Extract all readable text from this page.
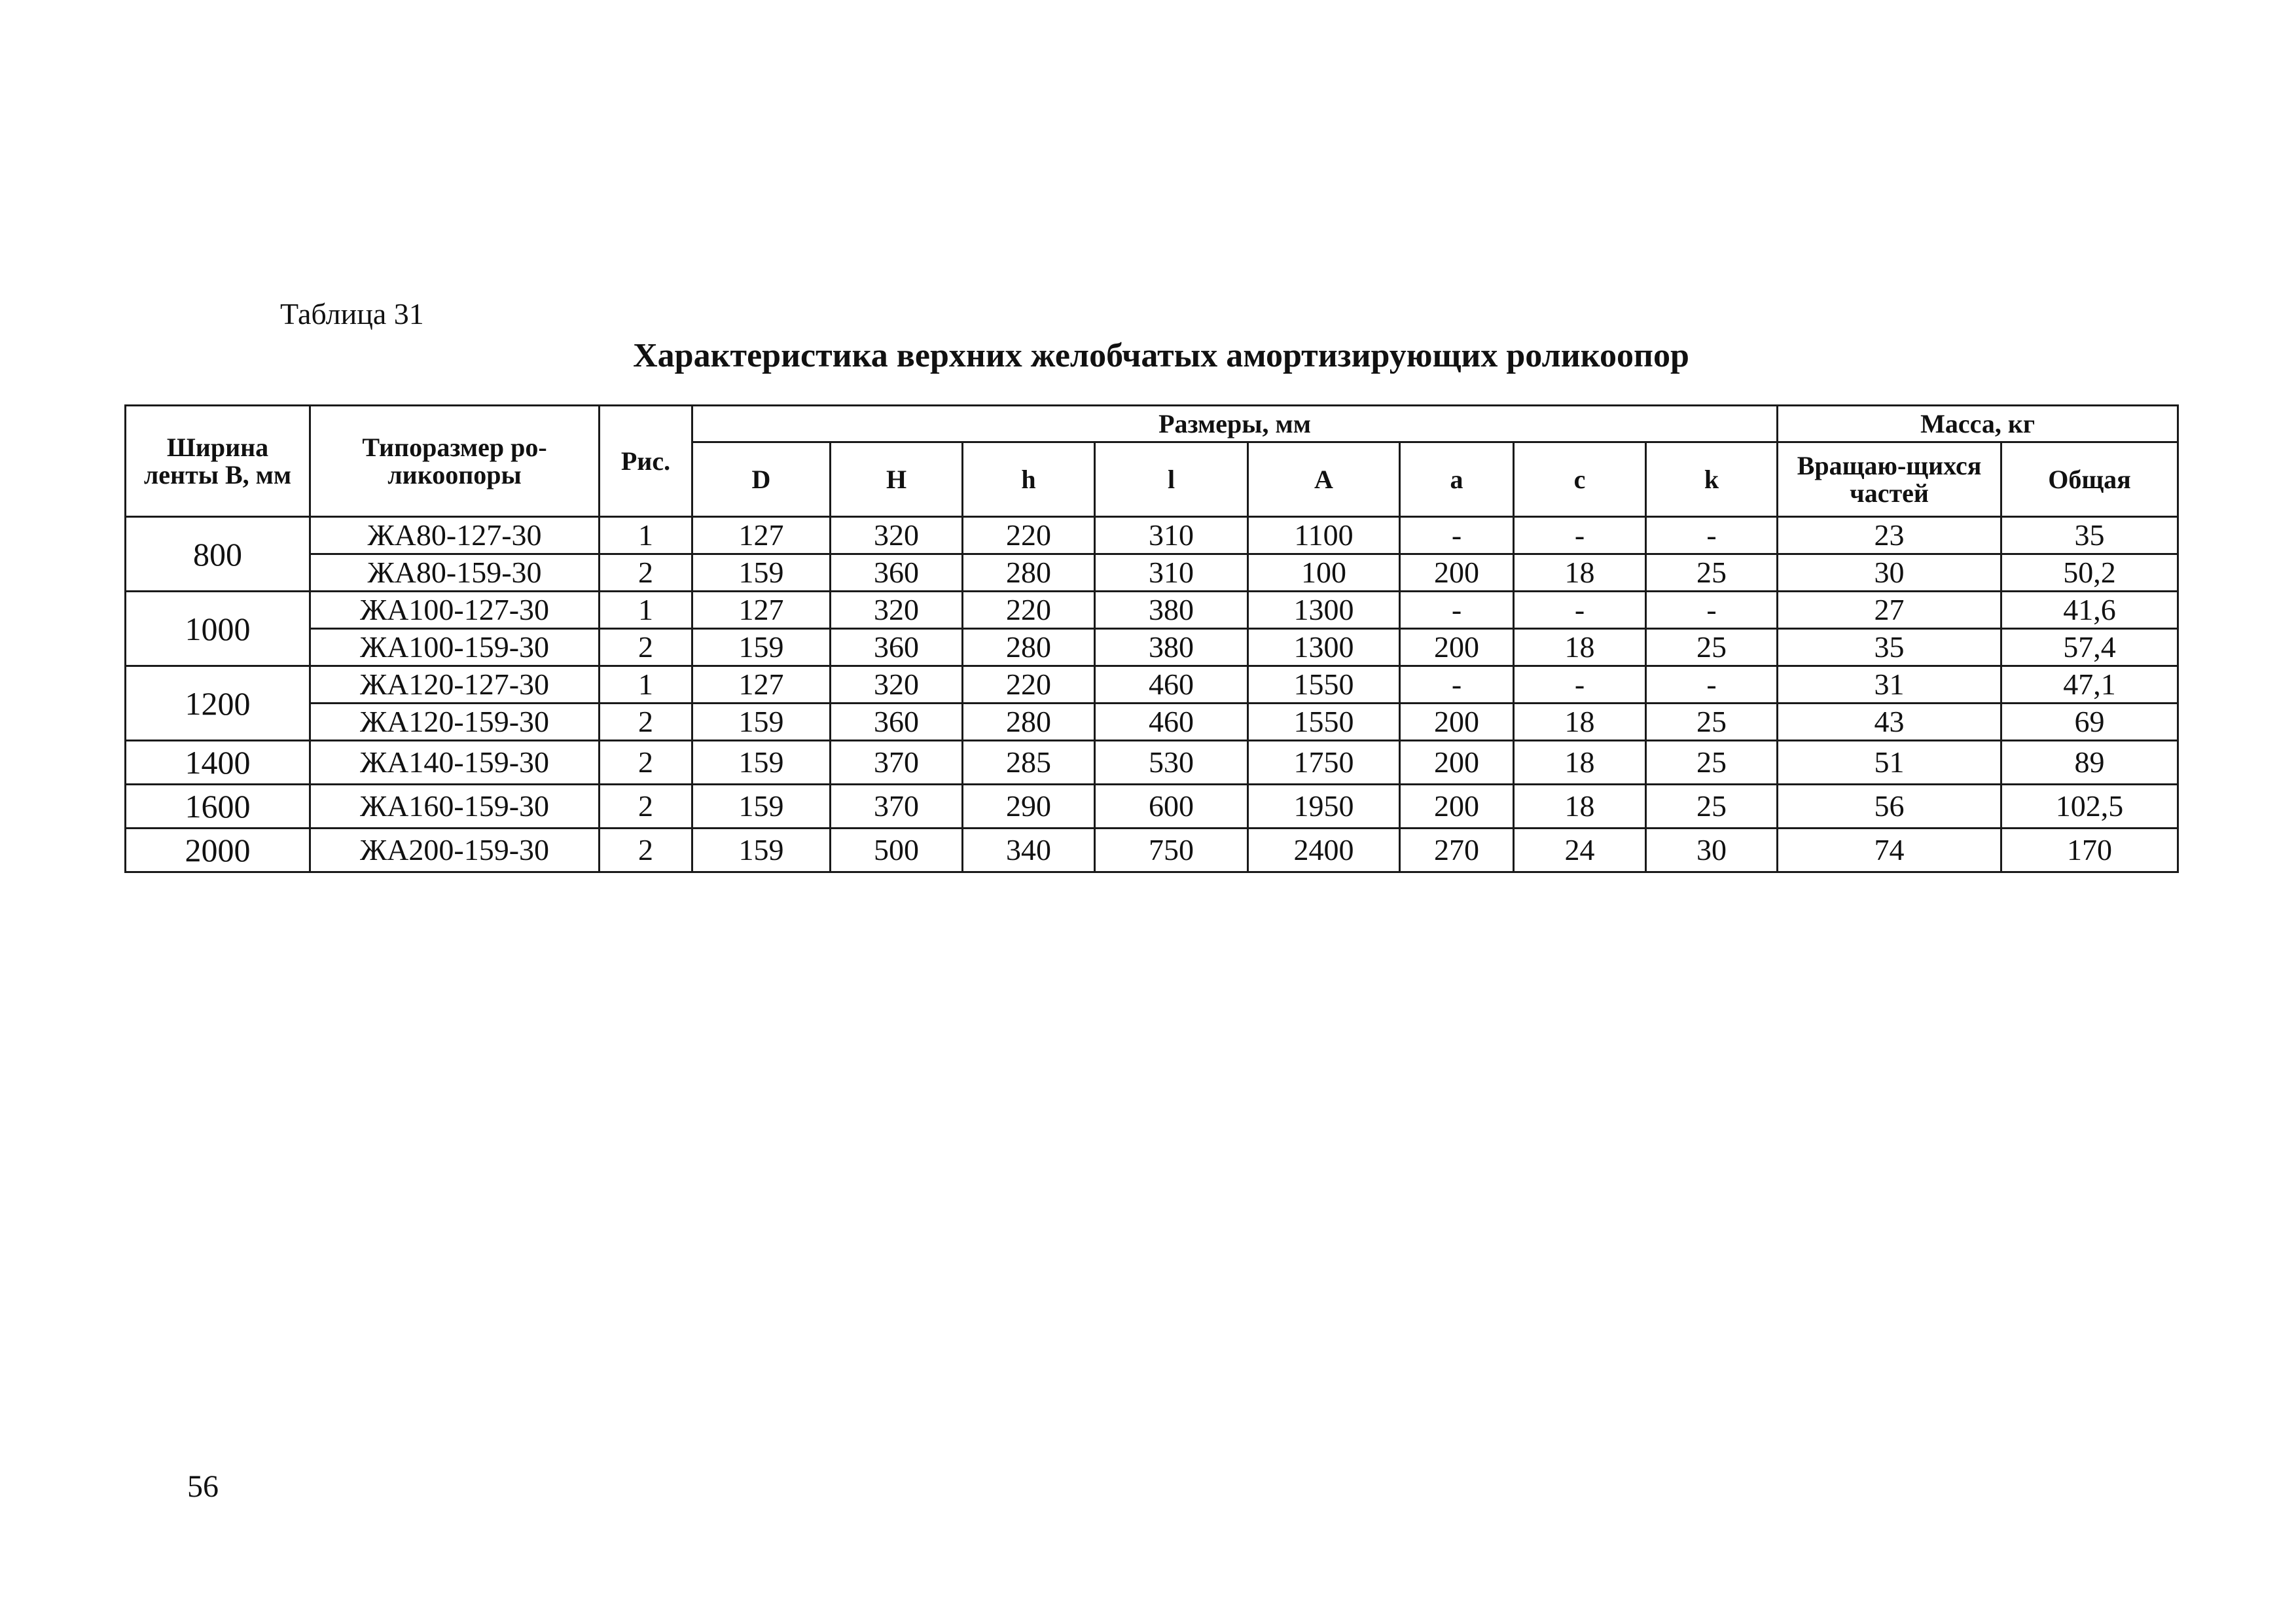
Таблица 31
Характеристика верхних желобчатых амортизирующих роликоопор
Ширина ленты B, мм	Типоразмер ро-ликоопоры	Рис.	Размеры, мм								Масса, кг	
			D	H	h	l	A	a	c	k	Вращаю-щихся частей	Общая
800	ЖА80-127-30	1	127	320	220	310	1100	-	-	-	23	35
	ЖА80-159-30	2	159	360	280	310	100	200	18	25	30	50,2
1000	ЖА100-127-30	1	127	320	220	380	1300	-	-	-	27	41,6
	ЖА100-159-30	2	159	360	280	380	1300	200	18	25	35	57,4
1200	ЖА120-127-30	1	127	320	220	460	1550	-	-	-	31	47,1
	ЖА120-159-30	2	159	360	280	460	1550	200	18	25	43	69
1400	ЖА140-159-30	2	159	370	285	530	1750	200	18	25	51	89
1600	ЖА160-159-30	2	159	370	290	600	1950	200	18	25	56	102,5
2000	ЖА200-159-30	2	159	500	340	750	2400	270	24	30	74	170
56
